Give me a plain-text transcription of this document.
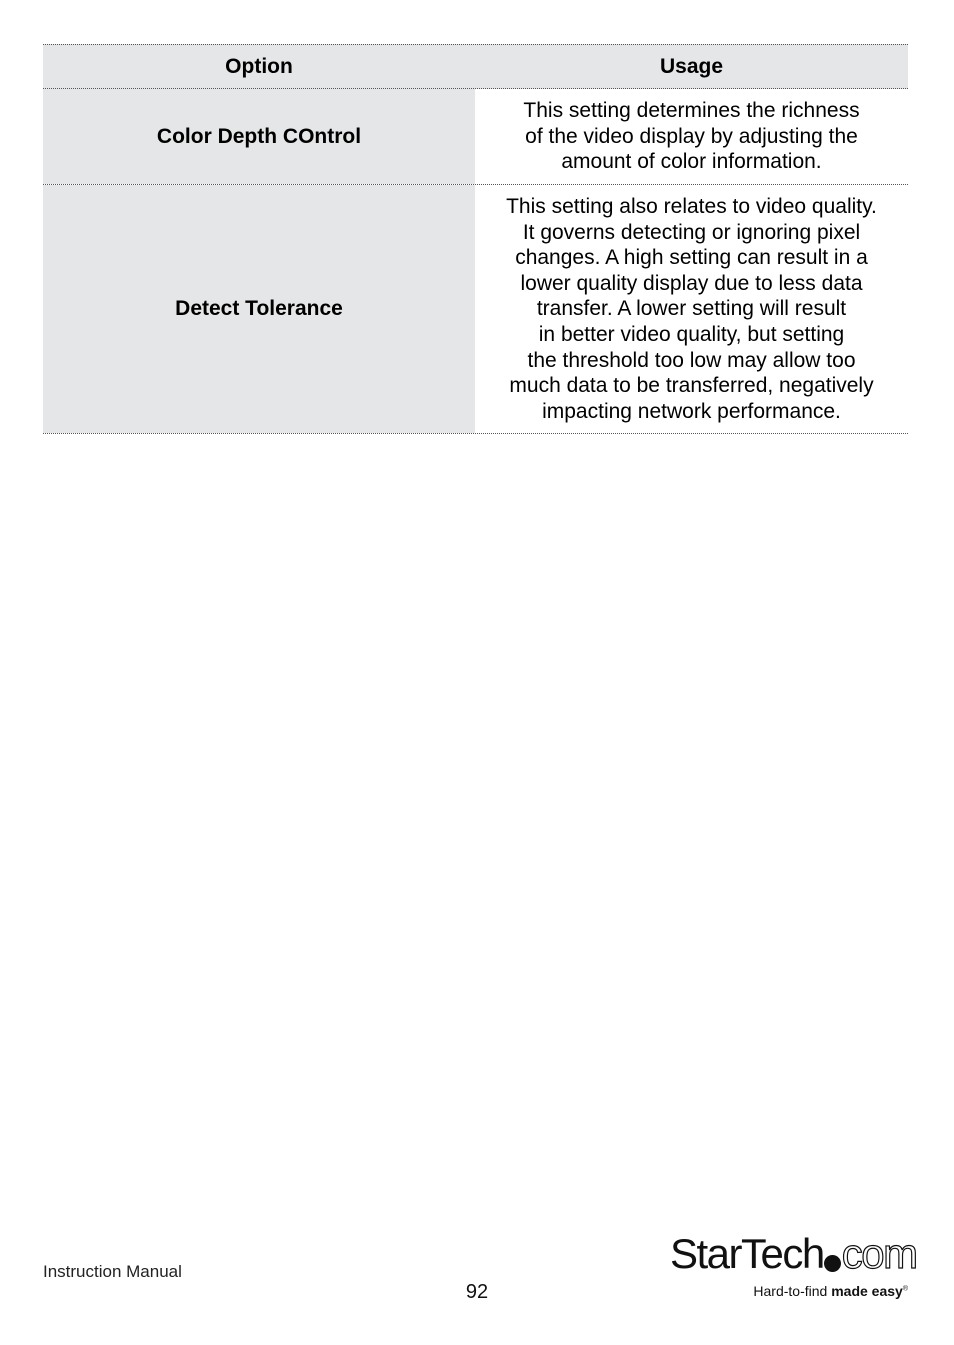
Option	Usage
Color Depth COntrol
This setting determines the richness
of the video display by adjusting the
amount of color information.
Detect Tolerance
This setting also relates to video quality.
It governs detecting or ignoring pixel
changes. A high setting can result in a
lower quality display due to less data
transfer. A lower setting will result
in better video quality, but setting
the threshold too low may allow too
much data to be transferred, negatively
impacting network performance.
Instruction Manual
92
StarTech com
Hard-to-find made easy®
